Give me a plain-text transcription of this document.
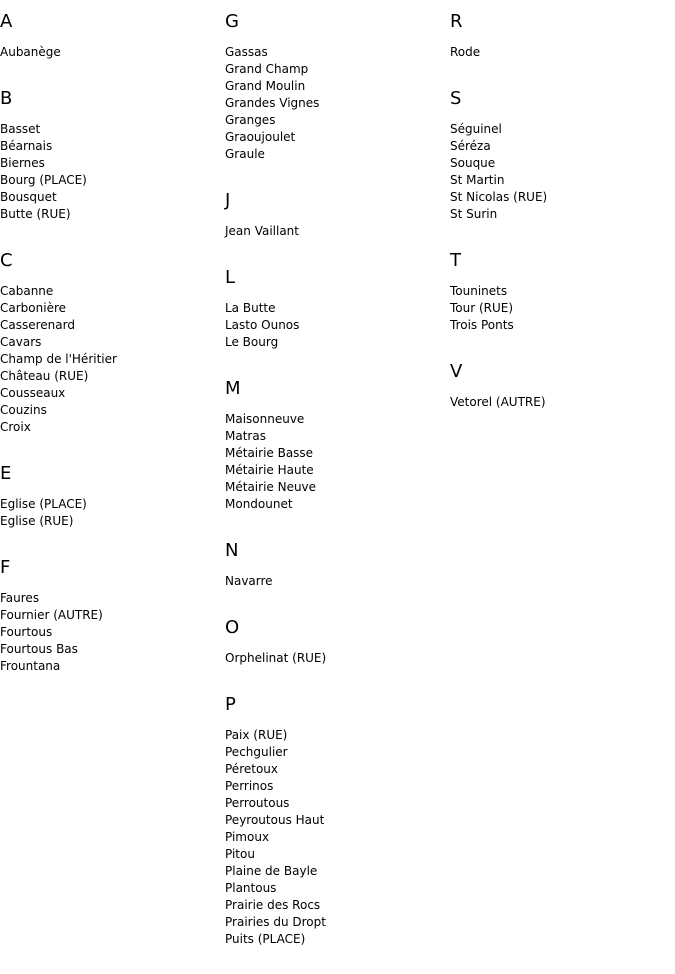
A
Aubanège
B
Basset
Béarnais
Biernes
Bourg (PLACE)
Bousquet
Butte (RUE)
C
Cabanne
Carbonière
Casserenard
Cavars
Champ de l'Héritier
Château (RUE)
Cousseaux
Couzins
Croix
E
Eglise (PLACE)
Eglise (RUE)
F
Faures
Fournier (AUTRE)
Fourtous
Fourtous Bas
Frountana
G
Gassas
Grand Champ
Grand Moulin
Grandes Vignes
Granges
Graoujoulet
Graule
J
Jean Vaillant
L
La Butte
Lasto Ounos
Le Bourg
M
Maisonneuve
Matras
Métairie Basse
Métairie Haute
Métairie Neuve
Mondounet
N
Navarre
O
Orphelinat (RUE)
P
Paix (RUE)
Pechgulier
Péretoux
Perrinos
Perroutous
Peyroutous Haut
Pimoux
Pitou
Plaine de Bayle
Plantous
Prairie des Rocs
Prairies du Dropt
Puits (PLACE)
R
Rode
S
Séguinel
Séréza
Souque
St Martin
St Nicolas (RUE)
St Surin
T
Touninets
Tour (RUE)
Trois Ponts
V
Vetorel (AUTRE)
